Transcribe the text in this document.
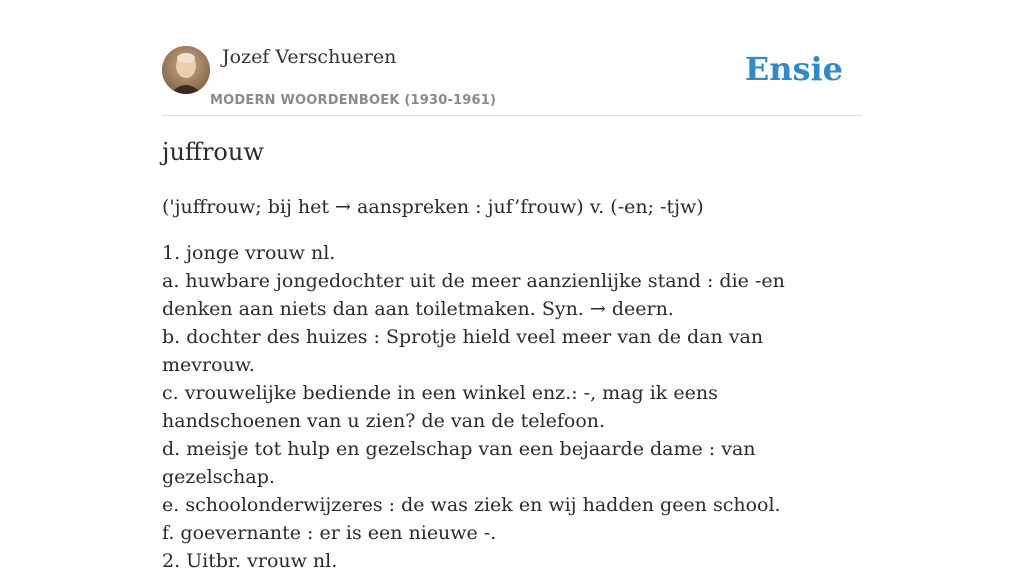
Jozef Verschueren
MODERN WOORDENBOEK (1930-1961)
Ensie
juffrouw
('juffrouw; bij het → aanspreken : juf’frouw) v. (-en; -tjw)

1. jonge vrouw nl.

a. huwbare jongedochter uit de meer aanzienlijke stand : die -en denken aan niets dan aan toiletmaken. Syn. → deern.

b. dochter des huizes : Sprotje hield veel meer van de dan van mevrouw.

c. vrouwelijke bediende in een winkel enz.: -, mag ik eens handschoenen van u zien? de van de telefoon.

d. meisje tot hulp en gezelschap van een bejaarde dame : van gezelschap.

e. schoolonderwijzeres : de was ziek en wij hadden geen school.

f. goevernante : er is een nieuwe -.

2. Uitbr. vrouw nl.
